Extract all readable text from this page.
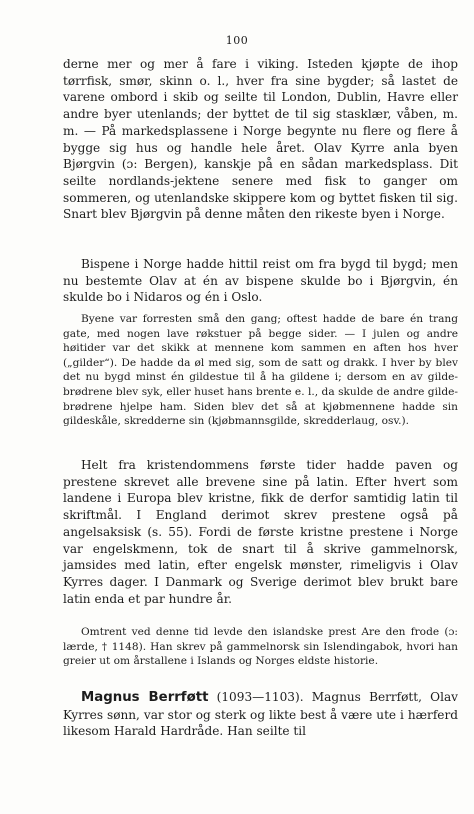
100

derne mer og mer å fare i viking. Isteden kjøpte de ihop tørrfisk, smør, skinn o. l., hver fra sine bygder; så lastet de varene ombord i skib og seilte til London, Dublin, Havre eller andre byer utenlands; der byttet de til sig stasklær, våben, m. m. — På markedsplassene i Norge begynte nu flere og flere å bygge sig hus og handle hele året. Olav Kyrre anla byen Bjørgvin (ɔ: Bergen), kanskje på en sådan markedsplass. Dit seilte nordlands-jektene senere med fisk to ganger om sommeren, og utenlandske skippere kom og byttet fisken til sig. Snart blev Bjørgvin på denne måten den rikeste byen i Norge.

Bispene i Norge hadde hittil reist om fra bygd til bygd; men nu bestemte Olav at én av bispene skulde bo i Bjørgvin, én skulde bo i Nidaros og én i Oslo.

Byene var forresten små den gang; oftest hadde de bare én trang gate, med nogen lave røkstuer på begge sider. — I julen og andre høitider var det skikk at mennene kom sammen en aften hos hver („gilder“). De hadde da øl med sig, som de satt og drakk. I hver by blev det nu bygd minst én gildestue til å ha gildene i; dersom en av gilde-brødrene blev syk, eller huset hans brente e. l., da skulde de andre gilde-brødrene hjelpe ham. Siden blev det så at kjøbmennene hadde sin gildeskåle, skredderne sin (kjøbmannsgilde, skredderlaug, osv.).

Helt fra kristendommens første tider hadde paven og prestene skrevet alle brevene sine på latin. Efter hvert som landene i Europa blev kristne, fikk de derfor samtidig latin til skriftmål. I England derimot skrev prestene også på angelsaksisk (s. 55). Fordi de første kristne prestene i Norge var engelskmenn, tok de snart til å skrive gammelnorsk, jamsides med latin, efter engelsk mønster, rimeligvis i Olav Kyrres dager. I Danmark og Sverige derimot blev brukt bare latin enda et par hundre år.

Omtrent ved denne tid levde den islandske prest Are den frode (ɔ: lærde, † 1148). Han skrev på gammelnorsk sin Islendingabok, hvori han greier ut om årstallene i Islands og Norges eldste historie.

Magnus Berrføtt (1093—1103). Magnus Berrføtt, Olav Kyrres sønn, var stor og sterk og likte best å være ute i hærferd likesom Harald Hardråde. Han seilte til
